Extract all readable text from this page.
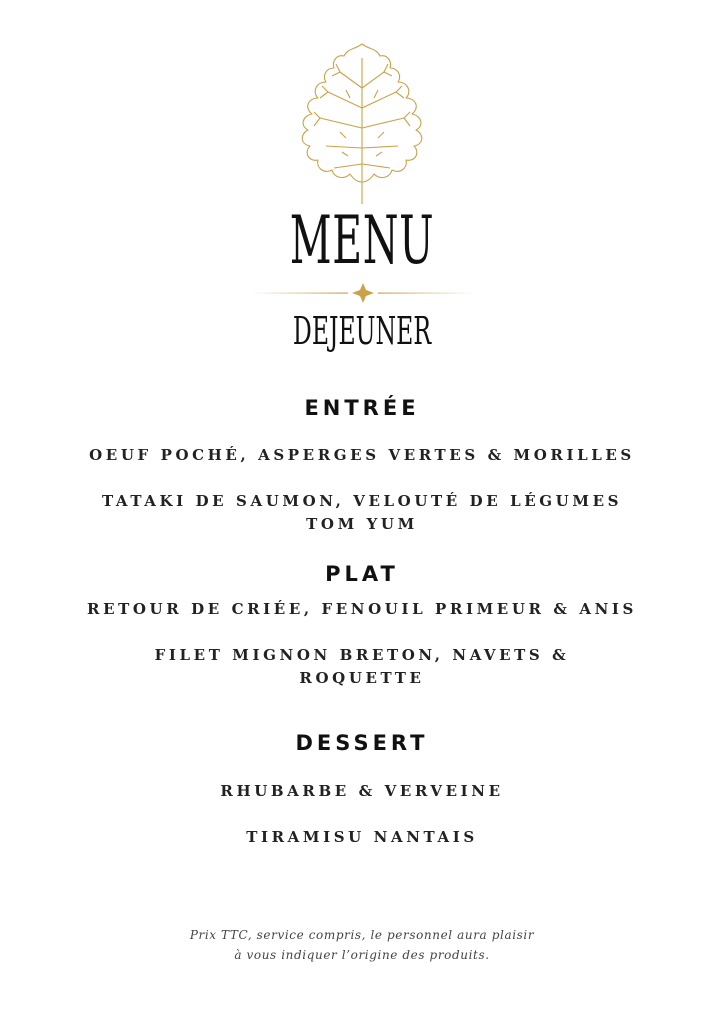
MENU
DEJEUNER
ENTRÉE
OEUF POCHÉ, ASPERGES VERTES & MORILLES
TATAKI DE SAUMON, VELOUTÉ DE LÉGUMES
TOM YUM
PLAT
RETOUR DE CRIÉE, FENOUIL PRIMEUR & ANIS
FILET MIGNON BRETON, NAVETS &
ROQUETTE
DESSERT
RHUBARBE & VERVEINE
TIRAMISU NANTAIS
Prix TTC, service compris, le personnel aura plaisir
à vous indiquer l’origine des produits.
